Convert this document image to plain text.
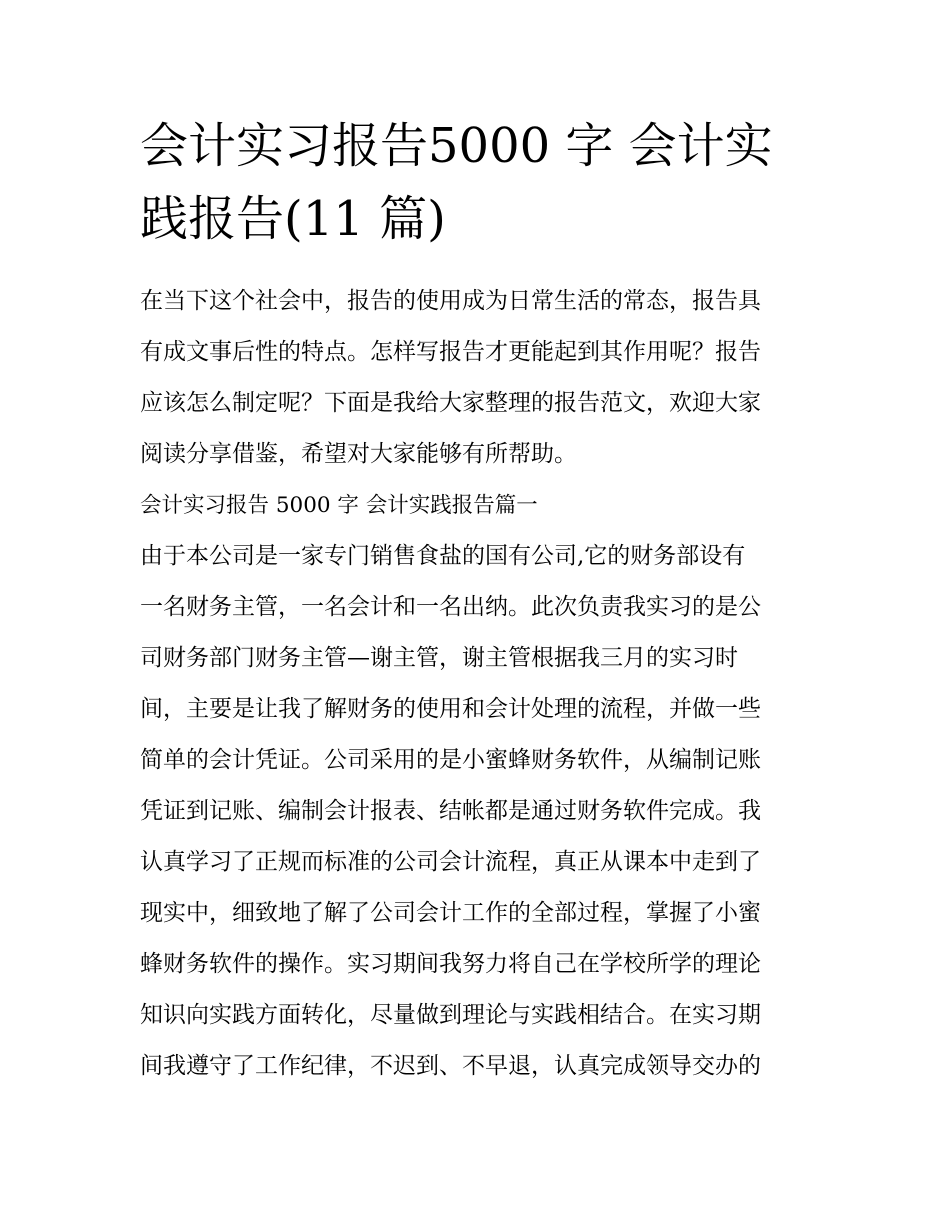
会计实习报告5000 字 会计实
践报告(11 篇)
在当下这个社会中，报告的使用成为日常生活的常态，报告具
有成文事后性的特点。怎样写报告才更能起到其作用呢？报告
应该怎么制定呢？下面是我给大家整理的报告范文，欢迎大家
阅读分享借鉴，希望对大家能够有所帮助。
会计实习报告 5000 字 会计实践报告篇一
由于本公司是一家专门销售食盐的国有公司,它的财务部设有
一名财务主管，一名会计和一名出纳。此次负责我实习的是公
司财务部门财务主管—谢主管，谢主管根据我三月的实习时
间，主要是让我了解财务的使用和会计处理的流程，并做一些
简单的会计凭证。公司采用的是小蜜蜂财务软件，从编制记账
凭证到记账、编制会计报表、结帐都是通过财务软件完成。我
认真学习了正规而标准的公司会计流程，真正从课本中走到了
现实中，细致地了解了公司会计工作的全部过程，掌握了小蜜
蜂财务软件的操作。实习期间我努力将自己在学校所学的理论
知识向实践方面转化，尽量做到理论与实践相结合。在实习期
间我遵守了工作纪律，不迟到、不早退，认真完成领导交办的
